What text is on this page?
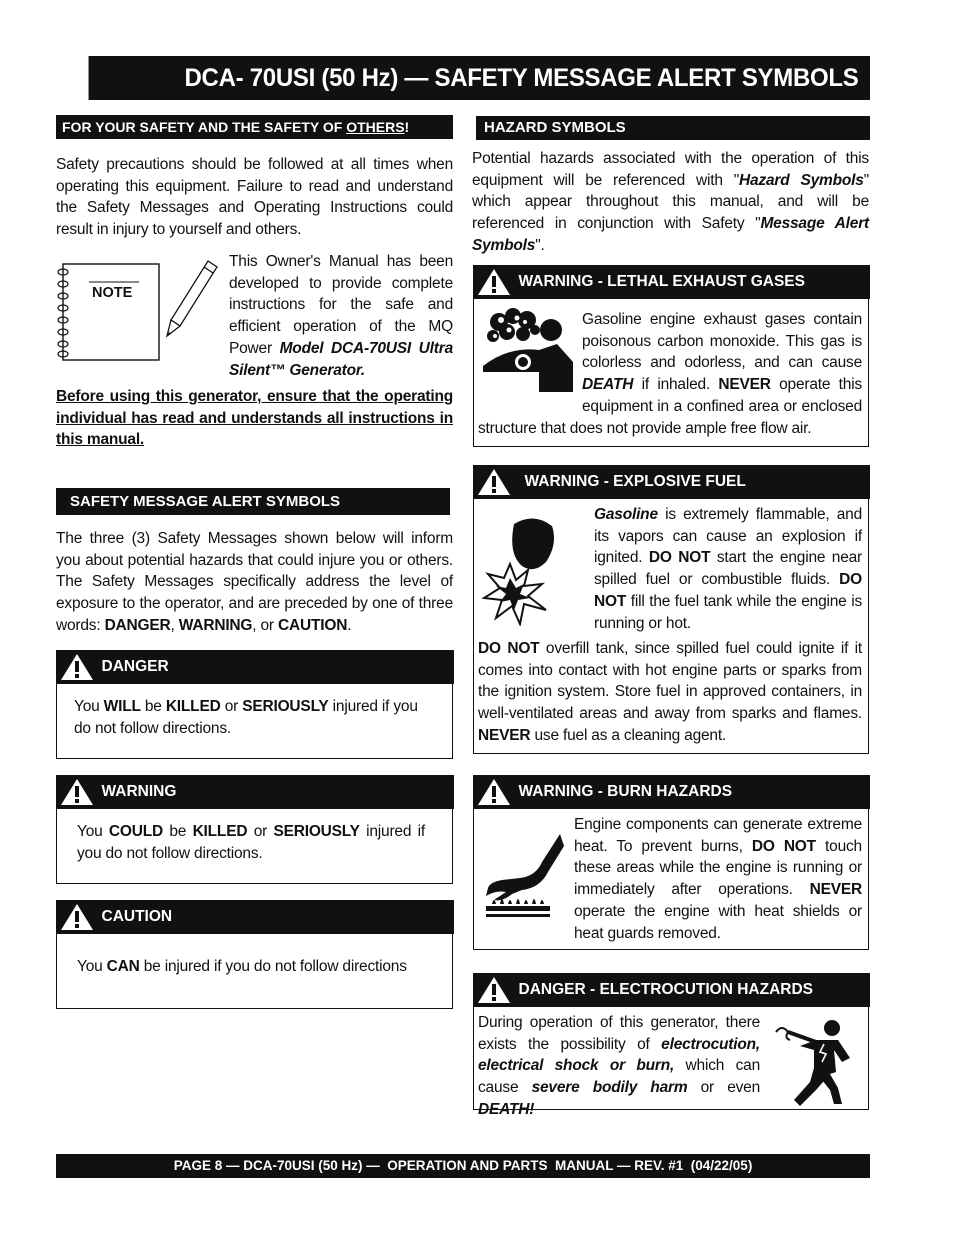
DCA- 70USI (50 Hz) — SAFETY MESSAGE ALERT SYMBOLS
FOR YOUR SAFETY AND THE SAFETY OF OTHERS!
Safety precautions should be followed at all times when operating this equipment. Failure to read and understand the Safety Messages and Operating Instructions could result in injury to yourself and others.
NOTE
This Owner's Manual has been developed to provide complete instructions for the safe and efficient operation of the MQ Power Model DCA-70USI Ultra Silent™ Generator.
Before using this generator, ensure that the operating individual has read and understands all instructions in this manual.
SAFETY MESSAGE ALERT SYMBOLS
The three (3) Safety Messages shown below will inform you about potential hazards that could injure you or others. The Safety Messages specifically address the level of exposure to the operator, and are preceded by one of three words: DANGER, WARNING, or CAUTION.
DANGER
You WILL be KILLED or SERIOUSLY injured if you do not follow directions.
WARNING
You COULD be KILLED or SERIOUSLY injured if you do not follow directions.
CAUTION
You CAN be injured if you do not follow directions
HAZARD SYMBOLS
Potential hazards associated with the operation of this equipment will be referenced with "Hazard Symbols" which appear throughout this manual, and will be referenced in conjunction with Safety "Message Alert Symbols".
WARNING - LETHAL EXHAUST GASES
Gasoline engine exhaust gases contain poisonous carbon monoxide. This gas is colorless and odorless, and can cause DEATH if inhaled. NEVER operate this equipment in a confined area or enclosed structure that does not provide ample free flow air.
WARNING - EXPLOSIVE FUEL
Gasoline is extremely flammable, and its vapors can cause an explosion if ignited. DO NOT start the engine near spilled fuel or combustible fluids. DO NOT fill the fuel tank while the engine is running or hot.
DO NOT overfill tank, since spilled fuel could ignite if it comes into contact with hot engine parts or sparks from the ignition system. Store fuel in approved containers, in well-ventilated areas and away from sparks and flames. NEVER use fuel as a cleaning agent.
WARNING - BURN HAZARDS
Engine components can generate extreme heat. To prevent burns, DO NOT touch these areas while the engine is running or immediately after operations. NEVER operate the engine with heat shields or heat guards removed.
DANGER - ELECTROCUTION HAZARDS
During operation of this generator, there exists the possibility of electrocution, electrical shock or burn, which can cause severe bodily harm or even DEATH!
PAGE 8 — DCA-70USI (50 Hz) —  OPERATION AND PARTS  MANUAL — REV. #1  (04/22/05)
